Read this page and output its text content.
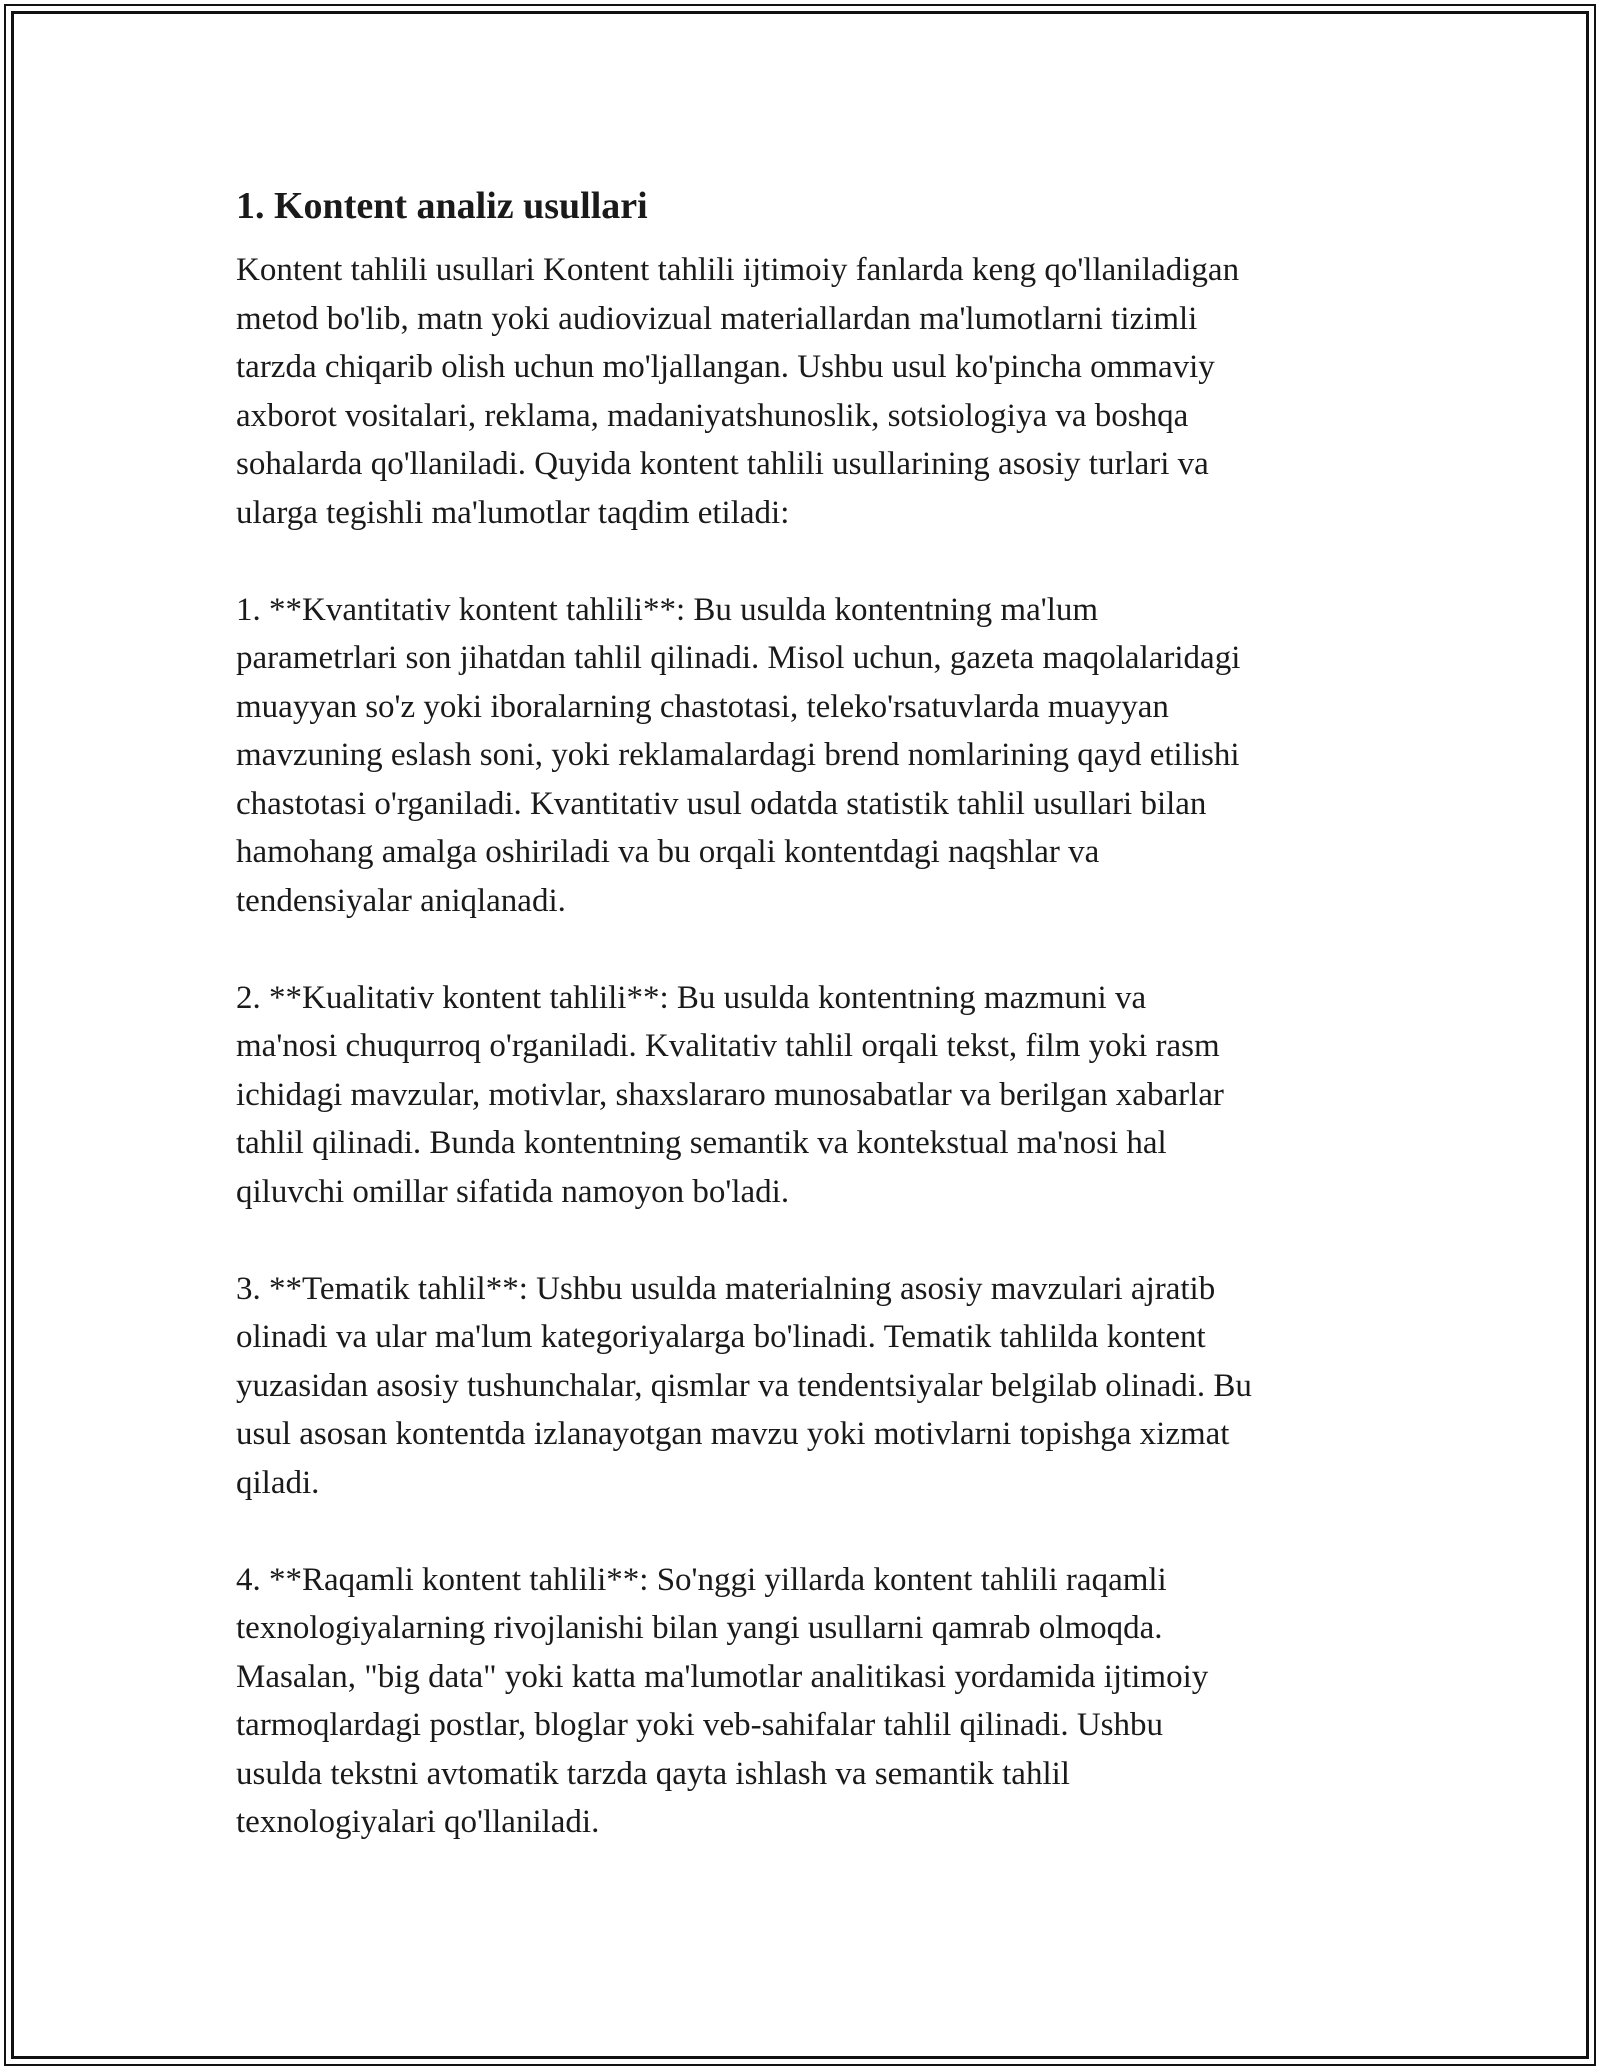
1. Kontent analiz usullari

Kontent tahlili usullari Kontent tahlili ijtimoiy fanlarda keng qo'llaniladigan
metod bo'lib, matn yoki audiovizual materiallardan ma'lumotlarni tizimli
tarzda chiqarib olish uchun mo'ljallangan. Ushbu usul ko'pincha ommaviy
axborot vositalari, reklama, madaniyatshunoslik, sotsiologiya va boshqa
sohalarda qo'llaniladi. Quyida kontent tahlili usullarining asosiy turlari va
ularga tegishli ma'lumotlar taqdim etiladi:

1. **Kvantitativ kontent tahlili**: Bu usulda kontentning ma'lum
parametrlari son jihatdan tahlil qilinadi. Misol uchun, gazeta maqolalaridagi
muayyan so'z yoki iboralarning chastotasi, teleko'rsatuvlarda muayyan
mavzuning eslash soni, yoki reklamalardagi brend nomlarining qayd etilishi
chastotasi o'rganiladi. Kvantitativ usul odatda statistik tahlil usullari bilan
hamohang amalga oshiriladi va bu orqali kontentdagi naqshlar va
tendensiyalar aniqlanadi.

2. **Kualitativ kontent tahlili**: Bu usulda kontentning mazmuni va
ma'nosi chuqurroq o'rganiladi. Kvalitativ tahlil orqali tekst, film yoki rasm
ichidagi mavzular, motivlar, shaxslararo munosabatlar va berilgan xabarlar
tahlil qilinadi. Bunda kontentning semantik va kontekstual ma'nosi hal
qiluvchi omillar sifatida namoyon bo'ladi.

3. **Tematik tahlil**: Ushbu usulda materialning asosiy mavzulari ajratib
olinadi va ular ma'lum kategoriyalarga bo'linadi. Tematik tahlilda kontent
yuzasidan asosiy tushunchalar, qismlar va tendentsiyalar belgilab olinadi. Bu
usul asosan kontentda izlanayotgan mavzu yoki motivlarni topishga xizmat
qiladi.

4. **Raqamli kontent tahlili**: So'nggi yillarda kontent tahlili raqamli
texnologiyalarning rivojlanishi bilan yangi usullarni qamrab olmoqda.
Masalan, "big data" yoki katta ma'lumotlar analitikasi yordamida ijtimoiy
tarmoqlardagi postlar, bloglar yoki veb-sahifalar tahlil qilinadi. Ushbu
usulda tekstni avtomatik tarzda qayta ishlash va semantik tahlil
texnologiyalari qo'llaniladi.
